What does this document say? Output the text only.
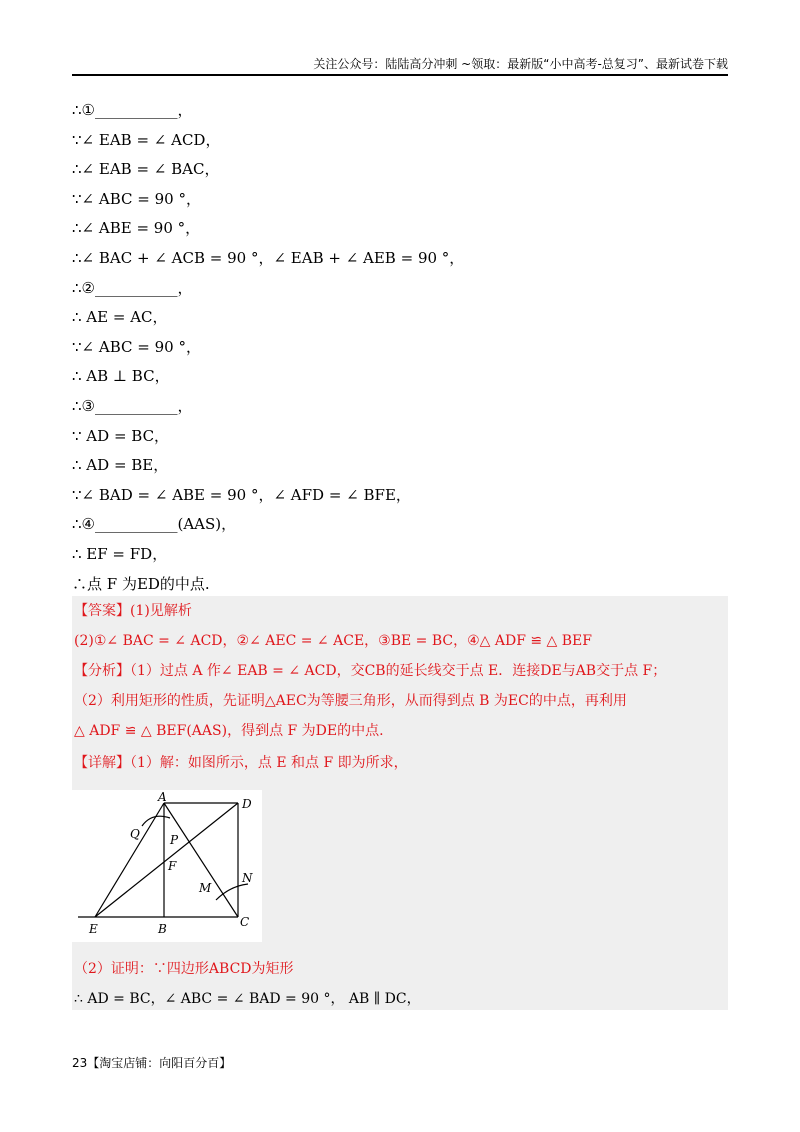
关注公众号：陆陆高分冲刺 ~领取：最新版“小中高考-总复习”、最新试卷下载
∴①___________，
∵∠ EAB = ∠ ACD，
∴∠ EAB = ∠ BAC，
∵∠ ABC = 90 °，
∴∠ ABE = 90 °，
∴∠ BAC + ∠ ACB = 90 °，∠ EAB + ∠ AEB = 90 °，
∴②___________，
∴ AE = AC，
∵∠ ABC = 90 °，
∴ AB ⊥ BC，
∴③___________，
∵ AD = BC，
∴ AD = BE，
∵∠ BAD = ∠ ABE = 90 °，∠ AFD = ∠ BFE，
∴④___________(AAS)，
∴ EF = FD，
∴点 F 为ED的中点.
【答案】(1)见解析
(2)①∠ BAC = ∠ ACD，②∠ AEC = ∠ ACE，③BE = BC，④△ ADF ≌ △ BEF
【分析】（1）过点 A 作∠ EAB = ∠ ACD，交CB的延长线交于点 E．连接DE与AB交于点 F；
（2）利用矩形的性质，先证明△AEC为等腰三角形，从而得到点 B 为EC的中点，再利用
△ ADF ≌ △ BEF(AAS)，得到点 F 为DE的中点.
【详解】（1）解：如图所示，点 E 和点 F 即为所求，
A	D
Q	P
F
M
N
E	B	C
（2）证明：∵四边形ABCD为矩形
∴ AD = BC，∠ ABC = ∠ BAD = 90 °， AB ∥ DC，
23【淘宝店铺：向阳百分百】
